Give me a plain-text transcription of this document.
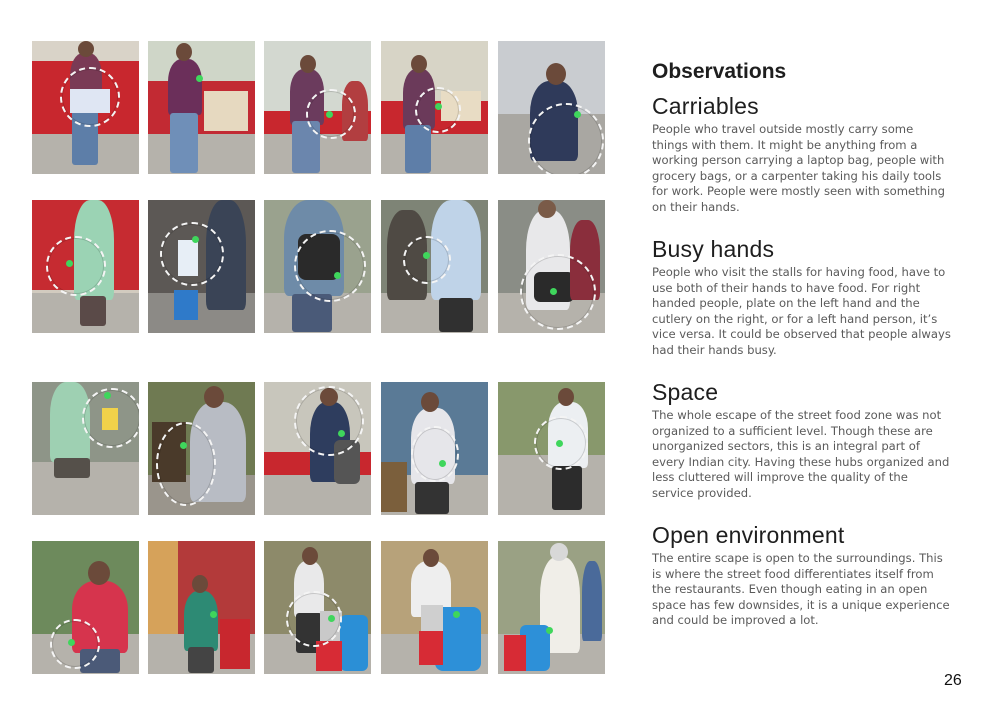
Observations
Carriables

People who travel outside mostly carry some things with them. It might be anything from a working person carrying a laptop bag, people with grocery bags, or a carpenter taking his daily tools for work. People were mostly seen with something on their hands.

Busy hands

People who visit the stalls for having food, have to use both of their hands to have food. For right handed people, plate on the left hand and the cutlery on the right, or for a left hand person, it’s vice versa. It could be observed that people always had their hands busy.

Space

The whole escape of the street food zone was not organized to a sufficient level. Though these are unorganized sectors, this is an integral part of every Indian city. Having these hubs organized and less cluttered will improve the quality of the service provided.

Open environment

The entire scape is open to the surroundings. This is where the street food differentiates itself from the restaurants. Even though eating in an open space has few downsides, it is a unique experience and could be improved a lot.

26
